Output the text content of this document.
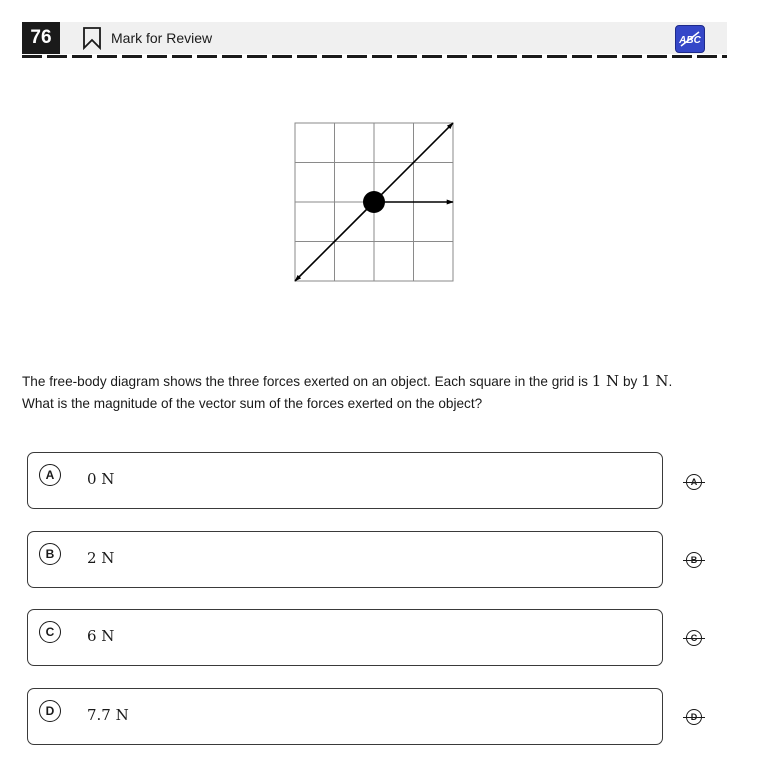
76	Mark for Review	ABC
The free-body diagram shows the three forces exerted on an object. Each square in the grid is 1 N by 1 N.
What is the magnitude of the vector sum of the forces exerted on the object?
A	0 N
B	2 N
C	6 N
D	7.7 N
